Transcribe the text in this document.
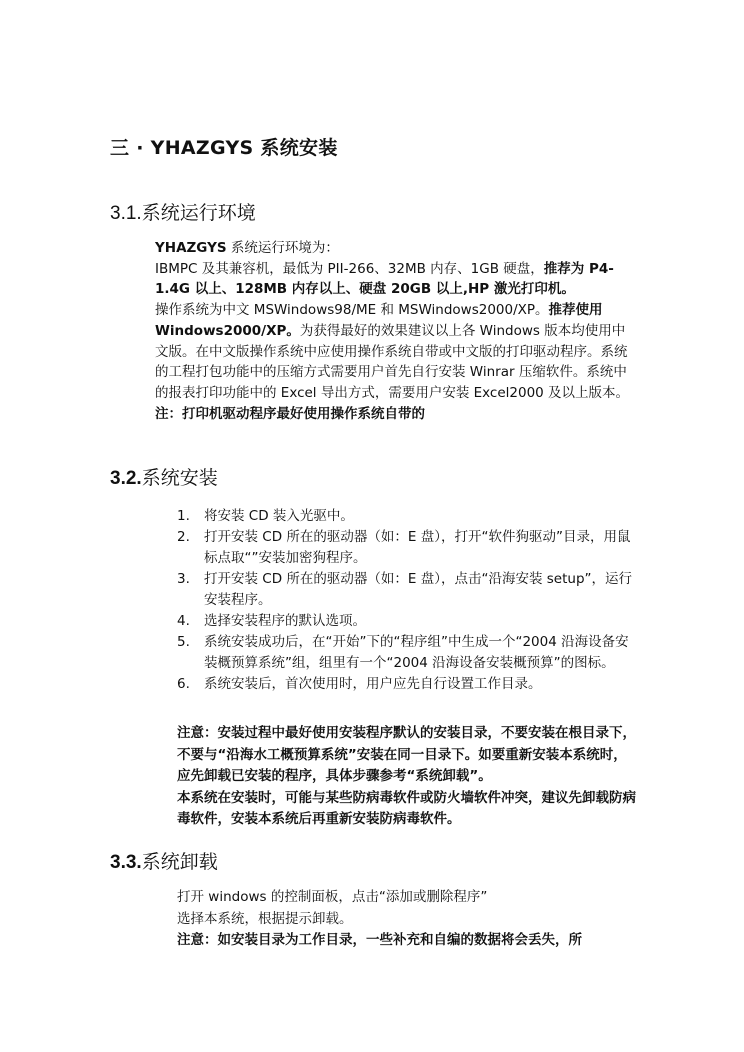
三 · YHAZGYS 系统安装
3.1.系统运行环境

YHAZGYS 系统运行环境为：

IBMPC 及其兼容机，最低为 PII-266、32MB 内存、1GB 硬盘，推荐为 P4-1.4G 以上、128MB 内存以上、硬盘 20GB 以上,HP 激光打印机。

操作系统为中文 MSWindows98/ME 和 MSWindows2000/XP。推荐使用 Windows2000/XP。为获得最好的效果建议以上各 Windows 版本均使用中文版。在中文版操作系统中应使用操作系统自带或中文版的打印驱动程序。系统的工程打包功能中的压缩方式需要用户首先自行安装 Winrar 压缩软件。系统中的报表打印功能中的 Excel 导出方式，需要用户安装 Excel2000 及以上版本。

注：打印机驱动程序最好使用操作系统自带的

3.2.系统安装
1. 将安装 CD 装入光驱中。
2. 打开安装 CD 所在的驱动器（如：E 盘），打开“软件狗驱动”目录，用鼠标点取“”安装加密狗程序。
3. 打开安装 CD 所在的驱动器（如：E 盘），点击“沿海安装 setup”，运行安装程序。
4. 选择安装程序的默认选项。
5. 系统安装成功后，在“开始”下的“程序组”中生成一个“2004 沿海设备安装概预算系统”组，组里有一个“2004 沿海设备安装概预算”的图标。
6. 系统安装后，首次使用时，用户应先自行设置工作目录。

注意：安装过程中最好使用安装程序默认的安装目录，不要安装在根目录下，不要与“沿海水工概预算系统”安装在同一目录下。如要重新安装本系统时，应先卸载已安装的程序，具体步骤参考“系统卸载”。

本系统在安装时，可能与某些防病毒软件或防火墙软件冲突，建议先卸载防病毒软件，安装本系统后再重新安装防病毒软件。

3.3.系统卸载

打开 windows 的控制面板，点击“添加或删除程序”

选择本系统，根据提示卸载。

注意：如安装目录为工作目录，一些补充和自编的数据将会丢失，所
